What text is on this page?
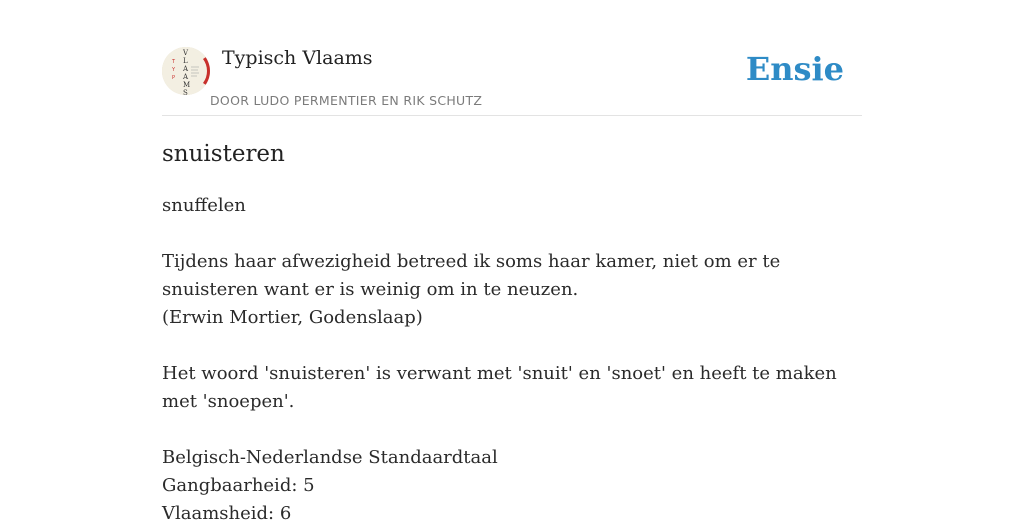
T
Y
P
V
L
A
A
M
S
Typisch Vlaams
DOOR LUDO PERMENTIER EN RIK SCHUTZ
Ensie
snuisteren
snuffelen
Tijdens haar afwezigheid betreed ik soms haar kamer, niet om er te snuisteren want er is weinig om in te neuzen.
(Erwin Mortier, Godenslaap)
Het woord 'snuisteren' is verwant met 'snuit' en 'snoet' en heeft te maken met 'snoepen'.
Belgisch-Nederlandse Standaardtaal
Gangbaarheid: 5
Vlaamsheid: 6
